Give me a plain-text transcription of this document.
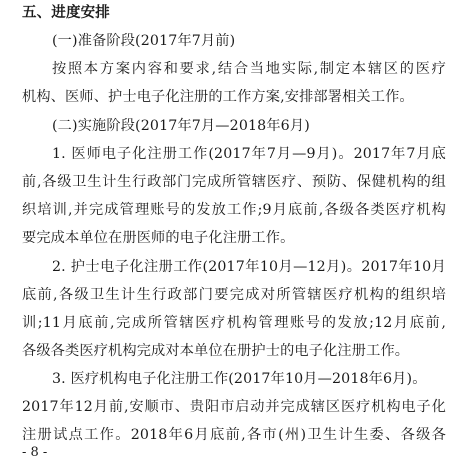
五、进度安排
(一)准备阶段(2017年7月前)
按照本方案内容和要求,结合当地实际,制定本辖区的医疗
机构、医师、护士电子化注册的工作方案,安排部署相关工作。
(二)实施阶段(2017年7月—2018年6月)
1. 医师电子化注册工作(2017年7月—9月)。2017年7月底
前,各级卫生计生行政部门完成所管辖医疗、预防、保健机构的组
织培训,并完成管理账号的发放工作;9月底前,各级各类医疗机构
要完成本单位在册医师的电子化注册工作。
2. 护士电子化注册工作(2017年10月—12月)。2017年10月
底前,各级卫生计生行政部门要完成对所管辖医疗机构的组织培
训;11月底前,完成所管辖医疗机构管理账号的发放;12月底前,
各级各类医疗机构完成对本单位在册护士的电子化注册工作。
3. 医疗机构电子化注册工作(2017年10月—2018年6月)。
2017年12月前,安顺市、贵阳市启动并完成辖区医疗机构电子化
注册试点工作。2018年6月底前,各市(州)卫生计生委、各级各
- 8 -
